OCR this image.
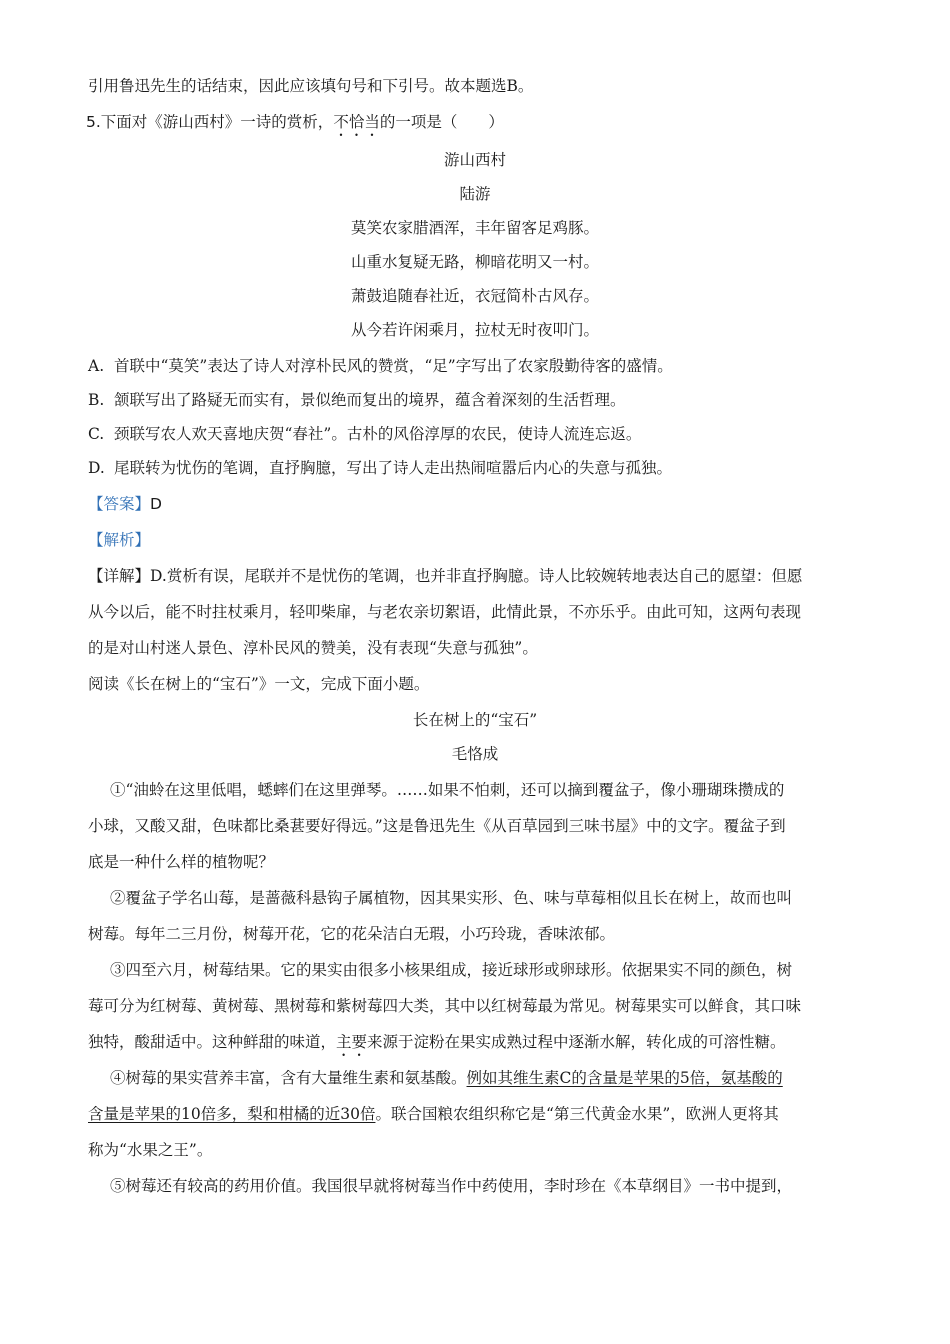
引用鲁迅先生的话结束，因此应该填句号和下引号。故本题选B。
5.下面对《游山西村》一诗的赏析，不恰当的一项是（　　）
游山西村
陆游
莫笑农家腊酒浑，丰年留客足鸡豚。
山重水复疑无路，柳暗花明又一村。
萧鼓追随春社近，衣冠简朴古风存。
从今若许闲乘月，拉杖无时夜叩门。
A. 首联中“莫笑”表达了诗人对淳朴民风的赞赏，“足”字写出了农家殷勤待客的盛情。
B. 颔联写出了路疑无而实有，景似绝而复出的境界，蕴含着深刻的生活哲理。
C. 颈联写农人欢天喜地庆贺“春社”。古朴的风俗淳厚的农民，使诗人流连忘返。
D. 尾联转为忧伤的笔调，直抒胸臆，写出了诗人走出热闹喧嚣后内心的失意与孤独。
【答案】D
【解析】
【详解】D.赏析有误，尾联并不是忧伤的笔调，也并非直抒胸臆。诗人比较婉转地表达自己的愿望：但愿
从今以后，能不时拄杖乘月，轻叩柴扉，与老农亲切絮语，此情此景，不亦乐乎。由此可知，这两句表现
的是对山村迷人景色、淳朴民风的赞美，没有表现“失意与孤独”。
阅读《长在树上的“宝石”》一文，完成下面小题。
长在树上的“宝石”
毛恪成
①“油蛉在这里低唱，蟋蟀们在这里弹琴。……如果不怕刺，还可以摘到覆盆子，像小珊瑚珠攒成的
小球，又酸又甜，色味都比桑葚要好得远。”这是鲁迅先生《从百草园到三味书屋》中的文字。覆盆子到
底是一种什么样的植物呢？
②覆盆子学名山莓，是蔷薇科悬钩子属植物，因其果实形、色、味与草莓相似且长在树上，故而也叫
树莓。每年二三月份，树莓开花，它的花朵洁白无瑕，小巧玲珑，香味浓郁。
③四至六月，树莓结果。它的果实由很多小核果组成，接近球形或卵球形。依据果实不同的颜色，树
莓可分为红树莓、黄树莓、黑树莓和紫树莓四大类，其中以红树莓最为常见。树莓果实可以鲜食，其口味
独特，酸甜适中。这种鲜甜的味道，主要来源于淀粉在果实成熟过程中逐渐水解，转化成的可溶性糖。
④树莓的果实营养丰富，含有大量维生素和氨基酸。例如其维生素C的含量是苹果的5倍，氨基酸的
含量是苹果的10倍多，梨和柑橘的近30倍。联合国粮农组织称它是“第三代黄金水果”，欧洲人更将其
称为“水果之王”。
⑤树莓还有较高的药用价值。我国很早就将树莓当作中药使用，李时珍在《本草纲目》一书中提到，
